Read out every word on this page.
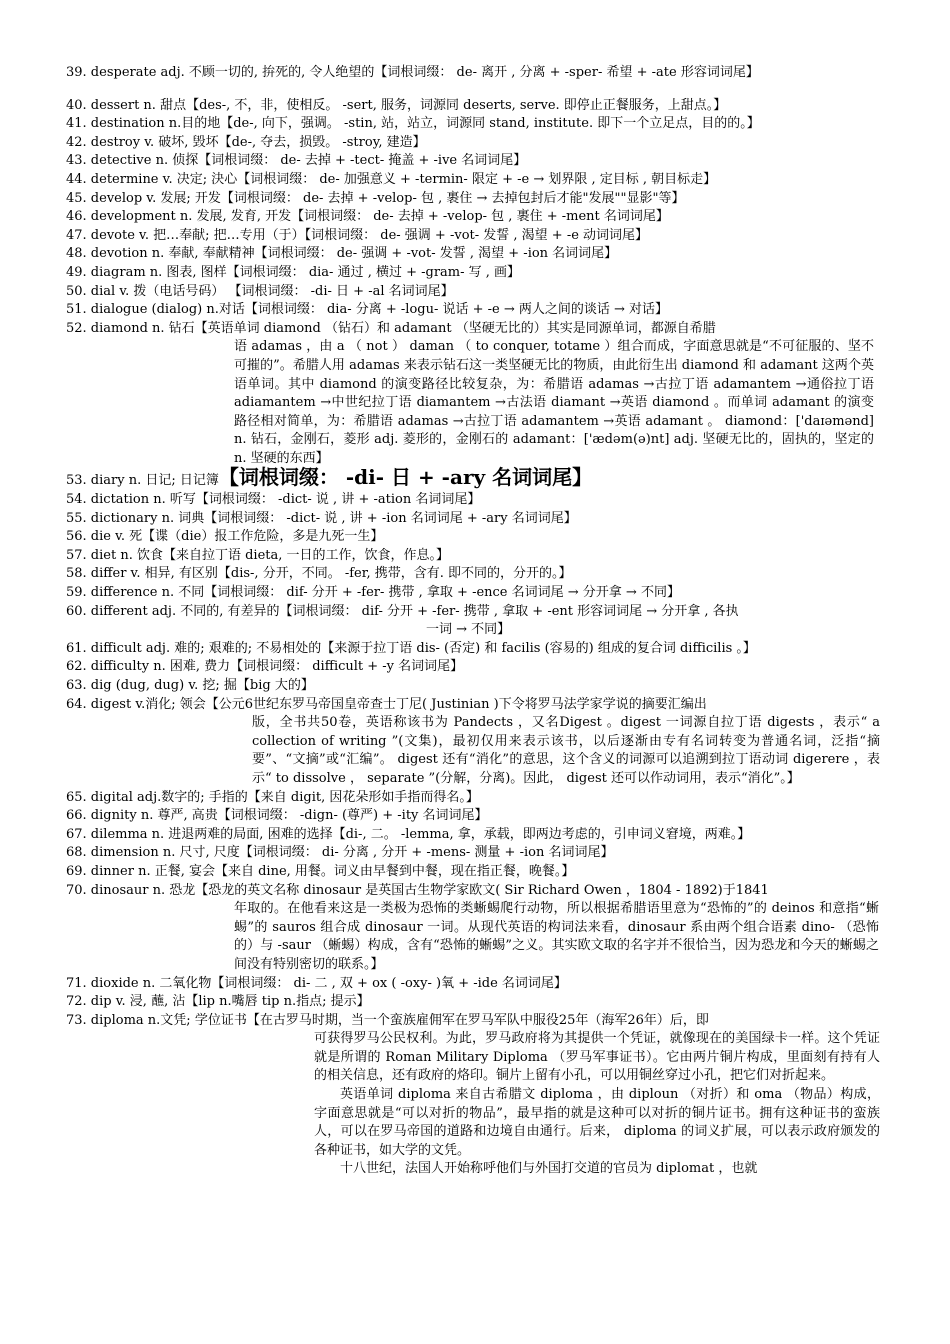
39. desperate adj. 不顾一切的, 拚死的, 令人绝望的【词根词缀： de- 离开 , 分离 + -sper- 希望 + -ate 形容词词尾】
40. dessert n. 甜点【des-, 不，非，使相反。 -sert, 服务，词源同 deserts, serve. 即停止正餐服务，上甜点。】
41. destination n.目的地【de-, 向下，强调。 -stin, 站，站立，词源同 stand, institute. 即下一个立足点，目的的。】
42. destroy v. 破坏, 毁坏【de-, 夺去，损毁。 -stroy, 建造】
43. detective n. 侦探【词根词缀： de- 去掉 + -tect- 掩盖 + -ive 名词词尾】
44. determine v. 决定; 決心【词根词缀： de- 加强意义 + -termin- 限定 + -e → 划界限 , 定目标 , 朝目标走】
45. develop v. 发展; 开发【词根词缀： de- 去掉 + -velop- 包 , 裹住 → 去掉包封后才能"发展""显影"等】
46. development n. 发展, 发育, 开发【词根词缀： de- 去掉 + -velop- 包 , 裹住 + -ment 名词词尾】
47. devote v. 把…奉献; 把…专用（于）【词根词缀： de- 强调 + -vot- 发誓 , 渴望 + -e 动词词尾】
48. devotion n. 奉献, 奉献精神【词根词缀： de- 强调 + -vot- 发誓 , 渴望 + -ion 名词词尾】
49. diagram n. 图表, 图样【词根词缀： dia- 通过 , 横过 + -gram- 写 , 画】
50. dial v. 拨（电话号码） 【词根词缀： -di- 日 + -al 名词词尾】
51. dialogue (dialog) n.对话【词根词缀： dia- 分离 + -logu- 说话 + -e → 两人之间的谈话 → 对话】
52. diamond n. 钻石【英语单词 diamond （钻石）和 adamant （坚硬无比的）其实是同源单词，都源自希腊
语 adamas ，由 a （ not ） daman （ to conquer, totame ）组合而成，字面意思就是“不可征服的、坚不可摧的”。希腊人用 adamas 来表示钻石这一类坚硬无比的物质，由此衍生出 diamond 和 adamant 这两个英语单词。其中 diamond 的演变路径比较复杂，为：希腊语 adamas →古拉丁语 adamantem →通俗拉丁语 adiamantem →中世纪拉丁语 diamantem →古法语 diamant →英语 diamond 。而单词 adamant 的演变路径相对简单，为：希腊语 adamas →古拉丁语 adamantem →英语 adamant 。 diamond：['daɪəmənd] n. 钻石，金刚石，菱形 adj. 菱形的，金刚石的 adamant：['ædəm(ə)nt] adj. 坚硬无比的，固执的，坚定的 n. 坚硬的东西】
53. diary n. 日记; 日记簿【词根词缀： -di- 日 + -ary 名词词尾】
54. dictation n. 听写【词根词缀： -dict- 说 , 讲 + -ation 名词词尾】
55. dictionary n. 词典【词根词缀： -dict- 说 , 讲 + -ion 名词词尾 + -ary 名词词尾】
56. die v. 死【谍（die）报工作危险，多是九死一生】
57. diet n. 饮食【来自拉丁语 dieta, 一日的工作，饮食，作息。】
58. differ v. 相异, 有区别【dis-, 分开，不同。 -fer, 携带，含有. 即不同的，分开的。】
59. difference n. 不同【词根词缀： dif- 分开 + -fer- 携带 , 拿取 + -ence 名词词尾 → 分开拿 → 不同】
60. different adj. 不同的, 有差异的【词根词缀： dif- 分开 + -fer- 携带 , 拿取 + -ent 形容词词尾 → 分开拿 , 各执
一词 → 不同】
61. difficult adj. 难的; 艰难的; 不易相处的【来源于拉丁语 dis- (否定) 和 facilis (容易的) 组成的复合词 difficilis 。】
62. difficulty n. 困难, 费力【词根词缀： difficult + -y 名词词尾】
63. dig (dug, dug) v. 挖; 掘【big 大的】
64. digest v.消化; 领会【公元6世纪东罗马帝国皇帝查士丁尼( Justinian )下令将罗马法学家学说的摘要汇编出
版，全书共50卷，英语称该书为 Pandects ，又名Digest 。digest 一词源自拉丁语 digests ，表示“ a collection of writing ”(文集)，最初仅用来表示该书，以后逐渐由专有名词转变为普通名词，泛指“摘要”、“文摘”或“汇编”。 digest 还有“消化”的意思，这个含义的词源可以追溯到拉丁语动词 digerere ，表示“ to dissolve ， separate ”(分解，分离)。因此， digest 还可以作动词用，表示“消化”。】
65. digital adj.数字的; 手指的【来自 digit, 因花朵形如手指而得名。】
66. dignity n. 尊严, 高贵【词根词缀： -dign- (尊严) + -ity 名词词尾】
67. dilemma n. 进退两难的局面, 困难的选择【di-, 二。 -lemma, 拿，承载，即两边考虑的，引申词义窘境，两难。】
68. dimension n. 尺寸, 尺度【词根词缀： di- 分离 , 分开 + -mens- 测量 + -ion 名词词尾】
69. dinner n. 正餐, 宴会【来自 dine, 用餐。词义由早餐到中餐，现在指正餐，晚餐。】
70. dinosaur n. 恐龙【恐龙的英文名称 dinosaur 是英国古生物学家欧文( Sir Richard Owen ，1804 - 1892)于1841
年取的。在他看来这是一类极为恐怖的类蜥蜴爬行动物，所以根据希腊语里意为“恐怖的”的 deinos 和意指“蜥蜴”的 sauros 组合成 dinosaur 一词。从现代英语的构词法来看，dinosaur 系由两个组合语素 dino- （恐怖的）与 -saur （蜥蜴）构成，含有“恐怖的蜥蜴”之义。其实欧文取的名字并不很恰当，因为恐龙和今天的蜥蜴之间没有特别密切的联系。】
71. dioxide n. 二氧化物【词根词缀： di- 二 , 双 + ox ( -oxy- )氧 + -ide 名词词尾】
72. dip v. 浸, 蘸, 沾【lip n.嘴唇 tip n.指点; 提示】
73. diploma n.文凭; 学位证书【在古罗马时期，当一个蛮族雇佣军在罗马军队中服役25年（海军26年）后，即

可获得罗马公民权利。为此，罗马政府将为其提供一个凭证，就像现在的美国绿卡一样。这个凭证就是所谓的 Roman Military Diploma （罗马军事证书）。它由两片铜片构成，里面刻有持有人的相关信息，还有政府的烙印。铜片上留有小孔，可以用铜丝穿过小孔，把它们对折起来。

英语单词 diploma 来自古希腊文 diploma ，由 diploun （对折）和 oma （物品）构成，字面意思就是“可以对折的物品”，最早指的就是这种可以对折的铜片证书。拥有这种证书的蛮族人，可以在罗马帝国的道路和边境自由通行。后来， diploma 的词义扩展，可以表示政府颁发的各种证书，如大学的文凭。

十八世纪，法国人开始称呼他们与外国打交道的官员为 diplomat ，也就
